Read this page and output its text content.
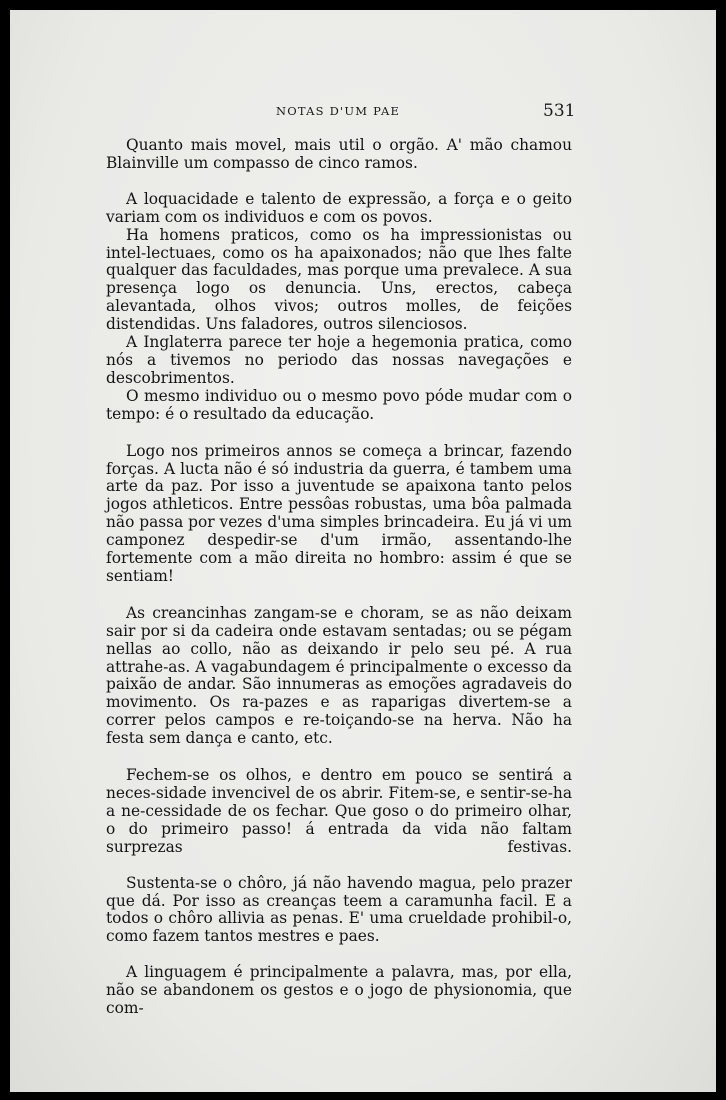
NOTAS D'UM PAE	531

Quanto mais movel, mais util o orgão. A' mão chamou Blainville um compasso de cinco ramos.

A loquacidade e talento de expressão, a força e o geito variam com os individuos e com os povos.

Ha homens praticos, como os ha impressionistas ou intel-lectuaes, como os ha apaixonados; não que lhes falte qualquer das faculdades, mas porque uma prevalece. A sua presença logo os denuncia. Uns, erectos, cabeça alevantada, olhos vivos; outros molles, de feições distendidas. Uns faladores, outros silenciosos.

A Inglaterra parece ter hoje a hegemonia pratica, como nós a tivemos no periodo das nossas navegações e descobrimentos.

O mesmo individuo ou o mesmo povo póde mudar com o tempo: é o resultado da educação.

Logo nos primeiros annos se começa a brincar, fazendo forças. A lucta não é só industria da guerra, é tambem uma arte da paz. Por isso a juventude se apaixona tanto pelos jogos athleticos. Entre pessôas robustas, uma bôa palmada não passa por vezes d'uma simples brincadeira. Eu já vi um camponez despedir-se d'um irmão, assentando-lhe fortemente com a mão direita no hombro: assim é que se sentiam!

As creancinhas zangam-se e choram, se as não deixam sair por si da cadeira onde estavam sentadas; ou se pégam nellas ao collo, não as deixando ir pelo seu pé. A rua attrahe-as. A vagabundagem é principalmente o excesso da paixão de andar. São innumeras as emoções agradaveis do movimento. Os ra-pazes e as raparigas divertem-se a correr pelos campos e re-toiçando-se na herva. Não ha festa sem dança e canto, etc.

Fechem-se os olhos, e dentro em pouco se sentirá a neces-sidade invencivel de os abrir. Fitem-se, e sentir-se-ha a ne-cessidade de os fechar. Que goso o do primeiro olhar, o do primeiro passo! á entrada da vida não faltam surprezas festivas.

Sustenta-se o chôro, já não havendo magua, pelo prazer que dá. Por isso as creanças teem a caramunha facil. E a todos o chôro allivia as penas. E' uma crueldade prohibil-o, como fazem tantos mestres e paes.

A linguagem é principalmente a palavra, mas, por ella, não se abandonem os gestos e o jogo de physionomia, que com-
